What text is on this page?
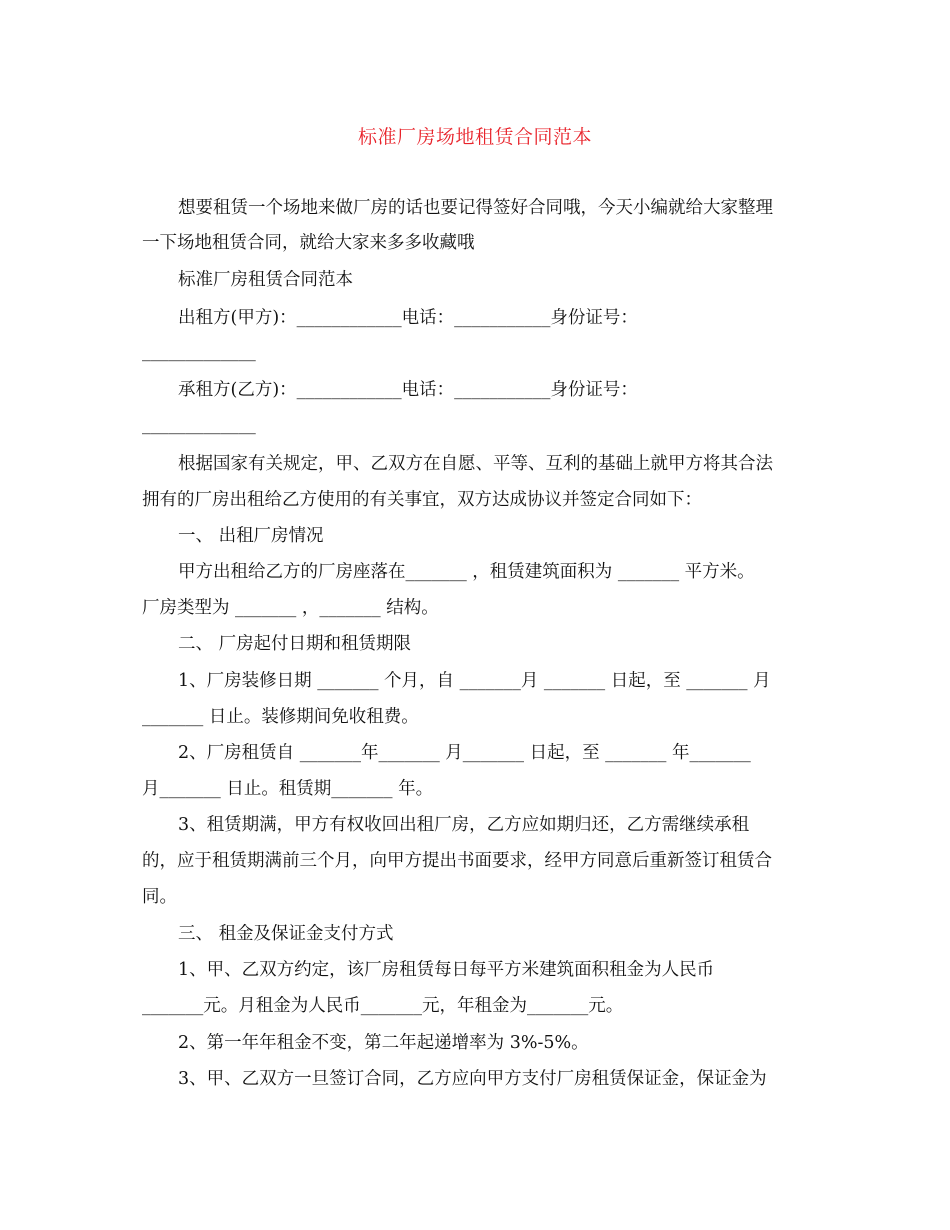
标准厂房场地租赁合同范本
想要租赁一个场地来做厂房的话也要记得签好合同哦，今天小编就给大家整理
一下场地租赁合同，就给大家来多多收藏哦
标准厂房租赁合同范本
出租方(甲方)：____________电话：___________身份证号：
_____________
承租方(乙方)：____________电话：___________身份证号：
_____________
根据国家有关规定，甲、乙双方在自愿、平等、互利的基础上就甲方将其合法
拥有的厂房出租给乙方使用的有关事宜，双方达成协议并签定合同如下：
一、 出租厂房情况
甲方出租给乙方的厂房座落在_______ ，租赁建筑面积为 _______ 平方米。
厂房类型为 _______ ，_______ 结构。
二、 厂房起付日期和租赁期限
1、厂房装修日期 _______ 个月，自 _______月 _______ 日起，至 _______ 月
_______ 日止。装修期间免收租费。
2、厂房租赁自 _______年_______ 月_______ 日起，至 _______ 年_______
月_______ 日止。租赁期_______ 年。
3、租赁期满，甲方有权收回出租厂房，乙方应如期归还，乙方需继续承租
的，应于租赁期满前三个月，向甲方提出书面要求，经甲方同意后重新签订租赁合
同。
三、 租金及保证金支付方式
1、甲、乙双方约定，该厂房租赁每日每平方米建筑面积租金为人民币
_______元。月租金为人民币_______元，年租金为_______元。
2、第一年年租金不变，第二年起递增率为 3%-5%。
3、甲、乙双方一旦签订合同，乙方应向甲方支付厂房租赁保证金，保证金为
